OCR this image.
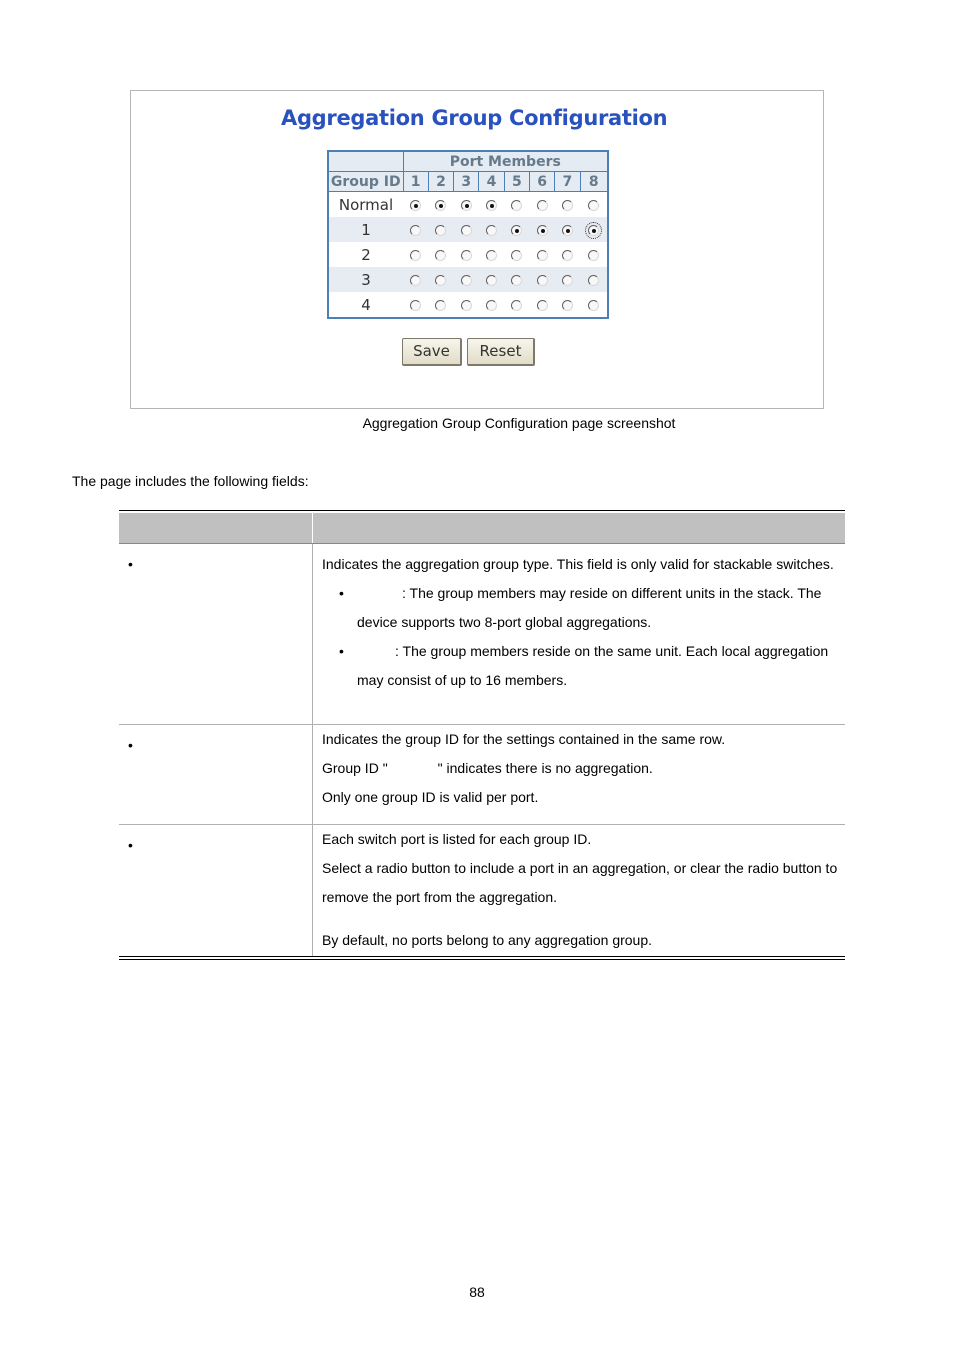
Aggregation Group Configuration
	Port Members							
Group ID	1	2	3	4	5	6	7	8
Normal								
1								
2								
3								
4								
Save	Reset
Aggregation Group Configuration page screenshot
The page includes the following fields:
•	Indicates the aggregation group type. This field is only valid for stackable switches.

•	: The group members may reside on different units in the stack. The device supports two 8-port global aggregations.
•	: The group members reside on the same unit. Each local aggregation may consist of up to 16 members.
•	Indicates the group ID for the settings contained in the same row.

Group ID "	" indicates there is no aggregation.

Only one group ID is valid per port.

•	Each switch port is listed for each group ID.

Select a radio button to include a port in an aggregation, or clear the radio button to remove the port from the aggregation.

By default, no ports belong to any aggregation group.

88
